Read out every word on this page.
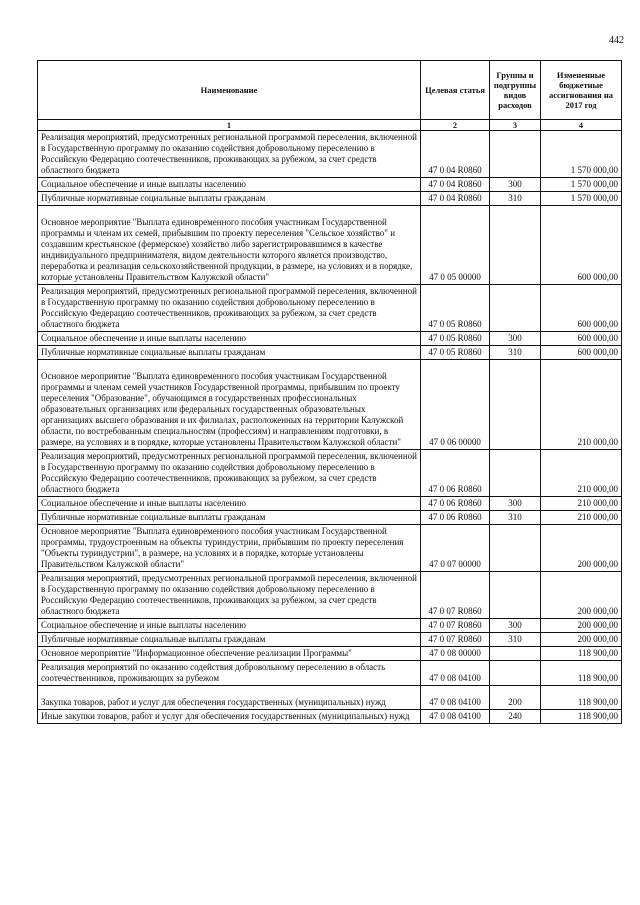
442
Наименование	Целевая статья	Группы и подгруппы видов расходов	Измененные бюджетные ассигнования на 2017 год
1	2	3	4
Реализация мероприятий, предусмотренных региональной программой переселения, включенной в Государственную программу по оказанию содействия добровольному переселению в Российскую Федерацию соотечественников, проживающих за рубежом, за счет средств областного бюджета	47 0 04 R0860		1 570 000,00
Социальное обеспечение и иные выплаты населению	47 0 04 R0860	300	1 570 000,00
Публичные нормативные социальные выплаты гражданам	47 0 04 R0860	310	1 570 000,00
Основное мероприятие "Выплата единовременного пособия участникам Государственной программы и членам их семей, прибывшим по проекту переселения "Сельское хозяйство" и создавшим крестьянское (фермерское) хозяйство либо зарегистрировавшимся в качестве индивидуального предпринимателя, видом деятельности которого является производство, переработка и реализация сельскохозяйственной продукции, в размере, на условиях и в порядке, которые установлены Правительством Калужской области"	47 0 05 00000		600 000,00
Реализация мероприятий, предусмотренных региональной программой переселения, включенной в Государственную программу по оказанию содействия добровольному переселению в Российскую Федерацию соотечественников, проживающих за рубежом, за счет средств областного бюджета	47 0 05 R0860		600 000,00
Социальное обеспечение и иные выплаты населению	47 0 05 R0860	300	600 000,00
Публичные нормативные социальные выплаты гражданам	47 0 05 R0860	310	600 000,00
Основное мероприятие "Выплата единовременного пособия участникам Государственной программы и членам семей участников Государственной программы, прибывшим по проекту переселения "Образование", обучающимся в государственных профессиональных образовательных организациях или федеральных государственных образовательных организациях высшего образования и их филиалах, расположенных на территории Калужской области, по востребованным специальностям (профессиям) и направлениям подготовки, в размере, на условиях и в порядке, которые установлены Правительством Калужской области"	47 0 06 00000		210 000,00
Реализация мероприятий, предусмотренных региональной программой переселения, включенной в Государственную программу по оказанию содействия добровольному переселению в Российскую Федерацию соотечественников, проживающих за рубежом, за счет средств областного бюджета	47 0 06 R0860		210 000,00
Социальное обеспечение и иные выплаты населению	47 0 06 R0860	300	210 000,00
Публичные нормативные социальные выплаты гражданам	47 0 06 R0860	310	210 000,00
Основное мероприятие "Выплата единовременного пособия участникам Государственной программы, трудоустроенным на объекты туриндустрии, прибывшим по проекту переселения "Объекты туриндустрии", в размере, на условиях и в порядке, которые установлены Правительством Калужской области"	47 0 07 00000		200 000,00
Реализация мероприятий, предусмотренных региональной программой переселения, включенной в Государственную программу по оказанию содействия добровольному переселению в Российскую Федерацию соотечественников, проживающих за рубежом, за счет средств областного бюджета	47 0 07 R0860		200 000,00
Социальное обеспечение и иные выплаты населению	47 0 07 R0860	300	200 000,00
Публичные нормативные социальные выплаты гражданам	47 0 07 R0860	310	200 000,00
Основное мероприятие "Информационное обеспечение реализации Программы"	47 0 08 00000		118 900,00
Реализация мероприятий по оказанию содействия добровольному переселению в область соотечественников, проживающих за рубежом	47 0 08 04100		118 900,00
Закупка товаров, работ и услуг для обеспечения государственных (муниципальных) нужд	47 0 08 04100	200	118 900,00
Иные закупки товаров, работ и услуг для обеспечения государственных (муниципальных) нужд	47 0 08 04100	240	118 900,00
